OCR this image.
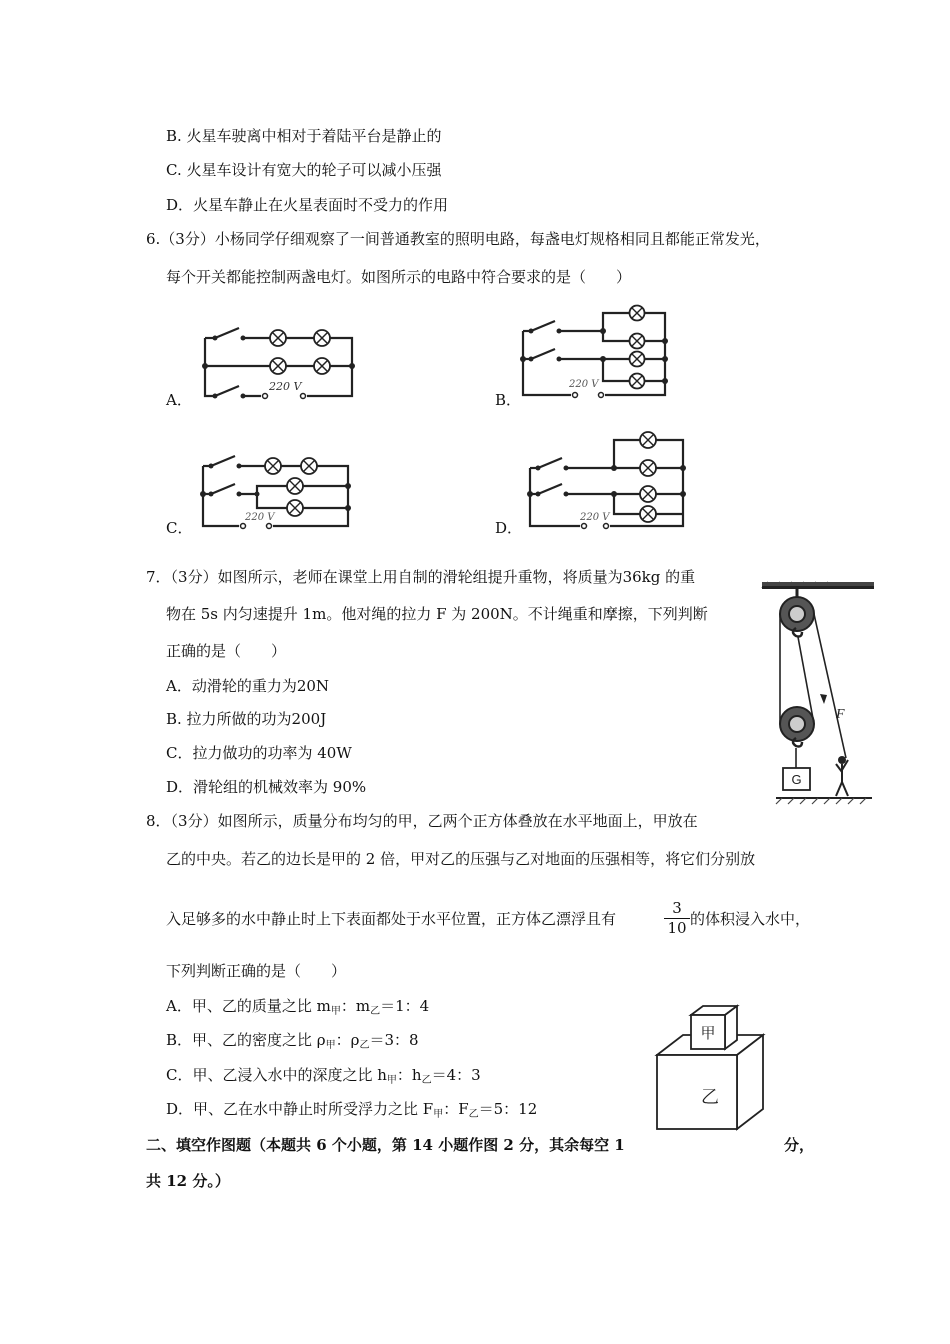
B. 火星车驶离中相对于着陆平台是静止的
C. 火星车设计有宽大的轮子可以减小压强
D．火星车静止在火星表面时不受力的作用
6.（3分）小杨同学仔细观察了一间普通教室的照明电路，每盏电灯规格相同且都能正常发光，
每个开关都能控制两盏电灯。如图所示的电路中符合要求的是（　　）
A．	B．
C．	D．
220 V	220 V
220 V	220 V
7．（3分）如图所示，老师在课堂上用自制的滑轮组提升重物，将质量为36kg 的重
物在 5s 内匀速提升 1m。他对绳的拉力 F 为 200N。不计绳重和摩擦，下列判断
正确的是（　　）
A．动滑轮的重力为20N
B. 拉力所做的功为200J
C．拉力做功的功率为 40W
D．滑轮组的机械效率为 90%	G
F
8．（3分）如图所示，质量分布均匀的甲，乙两个正方体叠放在水平地面上，甲放在
乙的中央。若乙的边长是甲的 2 倍，甲对乙的压强与乙对地面的压强相等，将它们分别放
入足够多的水中静止时上下表面都处于水平位置，正方体乙漂浮且有
3
10 的体积浸入水中，
下列判断正确的是（　　）
A．甲、乙的质量之比 $m_甲$：$m_乙=1$：4
B．甲、乙的密度之比 $\rho_甲$：$\rho_乙=3$：8
C．甲、乙浸入水中的深度之比 $h_甲$：$h_乙=4$：3
D．甲、乙在水中静止时所受浮力之比 $F_甲$：$F_乙=5$：12
甲
乙
二、填空作图题（本题共 6 个小题，第 14 小题作图 2 分，其余每空 1	分，
共 12 分。）
